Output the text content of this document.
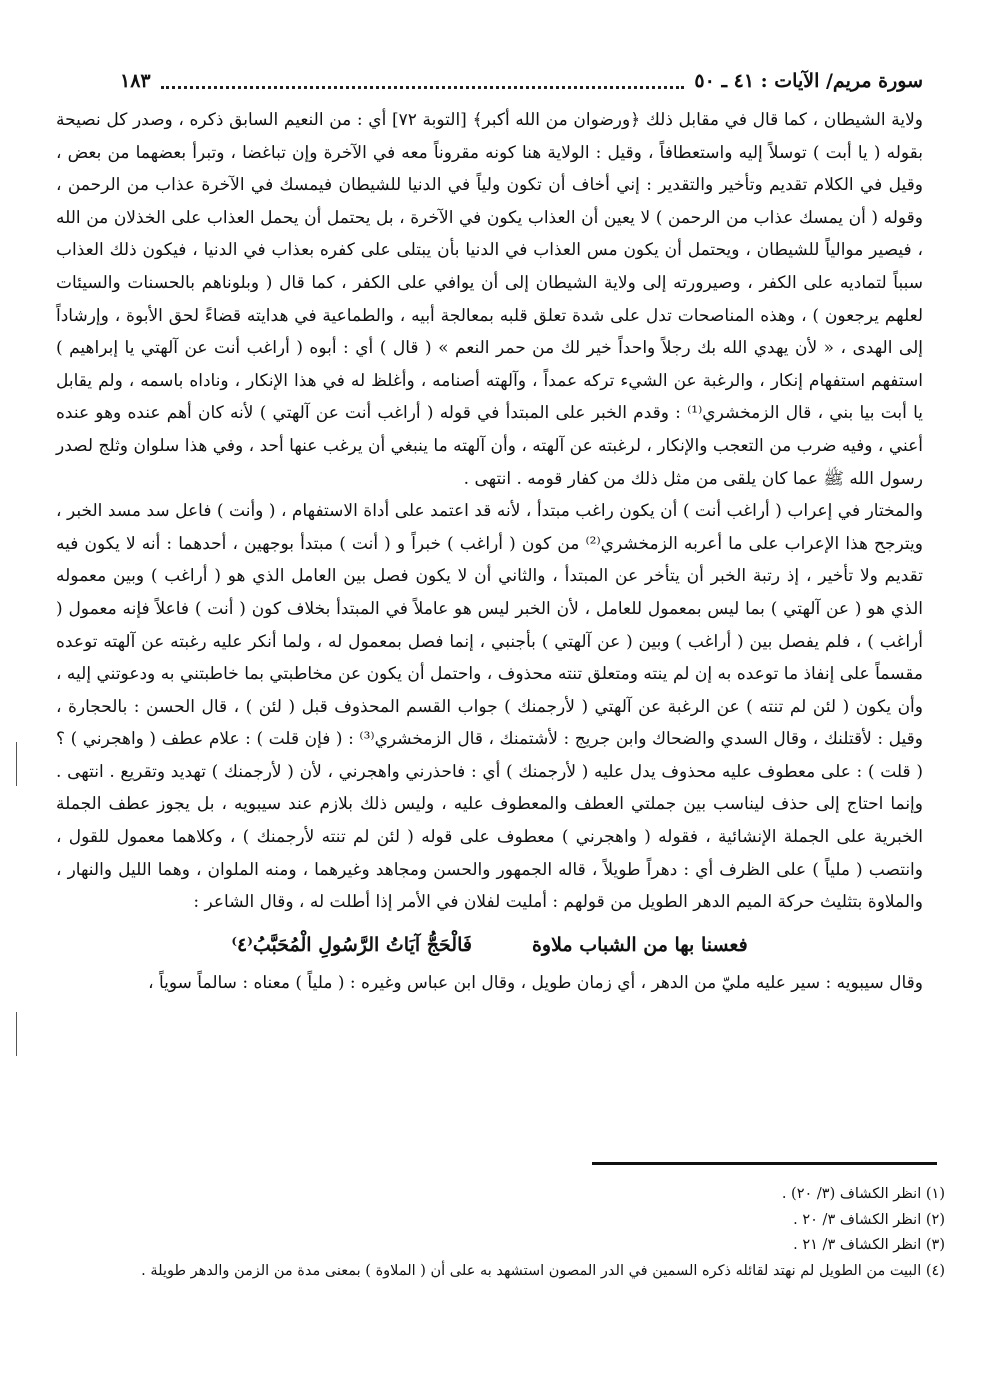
سورة مريم/ الآيات : ٤١ ـ ٥٠
١٨٣

ولاية الشيطان ، كما قال في مقابل ذلك ﴿ورضوان من الله أكبر﴾ [التوبة ٧٢] أي : من النعيم السابق ذكره ، وصدر كل نصيحة بقوله ( يا أبت ) توسلاً إليه واستعطافاً ، وقيل : الولاية هنا كونه مقروناً معه في الآخرة وإن تباغضا ، وتبرأ بعضهما من بعض ، وقيل في الكلام تقديم وتأخير والتقدير : إني أخاف أن تكون ولياً في الدنيا للشيطان فيمسك في الآخرة عذاب من الرحمن ، وقوله ( أن يمسك عذاب من الرحمن ) لا يعين أن العذاب يكون في الآخرة ، بل يحتمل أن يحمل العذاب على الخذلان من الله ، فيصير موالياً للشيطان ، ويحتمل أن يكون مس العذاب في الدنيا بأن يبتلى على كفره بعذاب في الدنيا ، فيكون ذلك العذاب سبباً لتماديه على الكفر ، وصيرورته إلى ولاية الشيطان إلى أن يوافي على الكفر ، كما قال ( وبلوناهم بالحسنات والسيئات لعلهم يرجعون ) ، وهذه المناصحات تدل على شدة تعلق قلبه بمعالجة أبيه ، والطماعية في هدايته قضاءً لحق الأبوة ، وإرشاداً إلى الهدى ، « لأن يهدي الله بك رجلاً واحداً خير لك من حمر النعم » ( قال ) أي : أبوه ( أراغب أنت عن آلهتي يا إبراهيم ) استفهم استفهام إنكار ، والرغبة عن الشيء تركه عمداً ، وآلهته أصنامه ، وأغلظ له في هذا الإنكار ، وناداه باسمه ، ولم يقابل يا أبت بيا بني ، قال الزمخشري⁽¹⁾ : وقدم الخبر على المبتدأ في قوله ( أراغب أنت عن آلهتي ) لأنه كان أهم عنده وهو عنده أعني ، وفيه ضرب من التعجب والإنكار ، لرغبته عن آلهته ، وأن آلهته ما ينبغي أن يرغب عنها أحد ، وفي هذا سلوان وثلج لصدر رسول الله ﷺ عما كان يلقى من مثل ذلك من كفار قومه . انتهى .

والمختار في إعراب ( أراغب أنت ) أن يكون راغب مبتدأ ، لأنه قد اعتمد على أداة الاستفهام ، ( وأنت ) فاعل سد مسد الخبر ، ويترجح هذا الإعراب على ما أعربه الزمخشري⁽²⁾ من كون ( أراغب ) خبراً و ( أنت ) مبتدأ بوجهين ، أحدهما : أنه لا يكون فيه تقديم ولا تأخير ، إذ رتبة الخبر أن يتأخر عن المبتدأ ، والثاني أن لا يكون فصل بين العامل الذي هو ( أراغب ) وبين معموله الذي هو ( عن آلهتي ) بما ليس بمعمول للعامل ، لأن الخبر ليس هو عاملاً في المبتدأ بخلاف كون ( أنت ) فاعلاً فإنه معمول ( أراغب ) ، فلم يفصل بين ( أراغب ) وبين ( عن آلهتي ) بأجنبي ، إنما فصل بمعمول له ، ولما أنكر عليه رغبته عن آلهته توعده مقسماً على إنفاذ ما توعده به إن لم ينته ومتعلق تنته محذوف ، واحتمل أن يكون عن مخاطبتي بما خاطبتني به ودعوتني إليه ، وأن يكون ( لئن لم تنته ) عن الرغبة عن آلهتي ( لأرجمنك ) جواب القسم المحذوف قبل ( لئن ) ، قال الحسن : بالحجارة ، وقيل : لأقتلنك ، وقال السدي والضحاك وابن جريج : لأشتمنك ، قال الزمخشري⁽³⁾ : ( فإن قلت ) : علام عطف ( واهجرني ) ؟ ( قلت ) : على معطوف عليه محذوف يدل عليه ( لأرجمنك ) أي : فاحذرني واهجرني ، لأن ( لأرجمنك ) تهديد وتقريع . انتهى . وإنما احتاج إلى حذف ليناسب بين جملتي العطف والمعطوف عليه ، وليس ذلك بلازم عند سيبويه ، بل يجوز عطف الجملة الخبرية على الجملة الإنشائية ، فقوله ( واهجرني ) معطوف على قوله ( لئن لم تنته لأرجمنك ) ، وكلاهما معمول للقول ، وانتصب ( ملياً ) على الظرف أي : دهراً طويلاً ، قاله الجمهور والحسن ومجاهد وغيرهما ، ومنه الملوان ، وهما الليل والنهار ، والملاوة بتثليث حركة الميم الدهر الطويل من قولهم : أمليت لفلان في الأمر إذا أطلت له ، وقال الشاعر :

فعسنا بها من الشباب ملاوة
فَالْحَجُّ آيَاتُ الرَّسُولِ الْمُحَبَّبُ⁽٤⁾

وقال سيبويه : سير عليه مليّ من الدهر ، أي زمان طويل ، وقال ابن عباس وغيره : ( ملياً ) معناه : سالماً سوياً ،

(١) انظر الكشاف (٣/ ٢٠) .

(٢) انظر الكشاف ٣/ ٢٠ .

(٣) انظر الكشاف ٣/ ٢١ .

(٤) البيت من الطويل لم نهتد لقائله ذكره السمين في الدر المصون استشهد به على أن ( الملاوة ) بمعنى مدة من الزمن والدهر طويلة .
